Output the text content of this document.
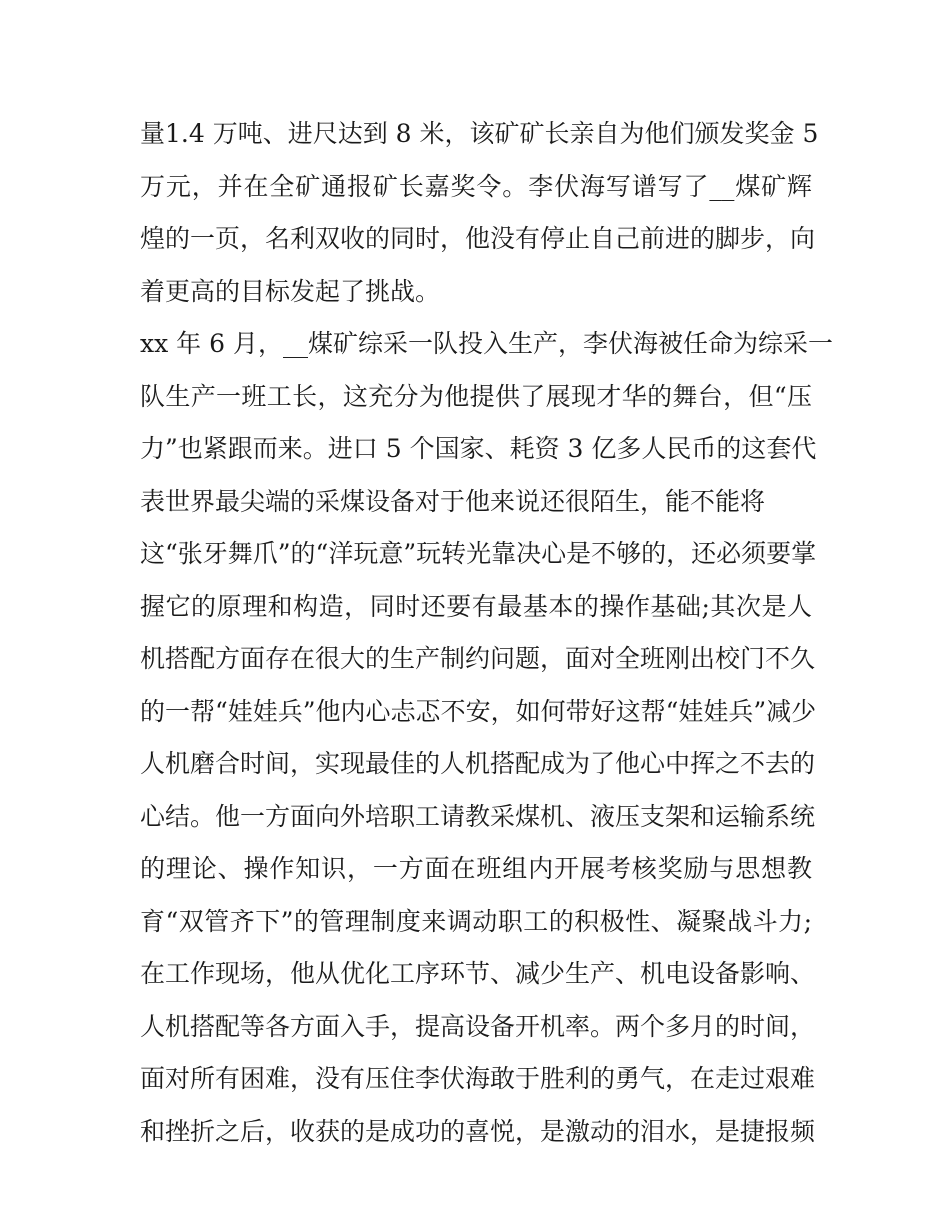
量1.4 万吨、进尺达到 8 米，该矿矿长亲自为他们颁发奖金 5
万元，并在全矿通报矿长嘉奖令。李伏海写谱写了__煤矿辉
煌的一页，名利双收的同时，他没有停止自己前进的脚步，向
着更高的目标发起了挑战。
xx 年 6 月，__煤矿综采一队投入生产，李伏海被任命为综采一
队生产一班工长，这充分为他提供了展现才华的舞台，但“压
力”也紧跟而来。进口 5 个国家、耗资 3 亿多人民币的这套代
表世界最尖端的采煤设备对于他来说还很陌生，能不能将
这“张牙舞爪”的“洋玩意”玩转光靠决心是不够的，还必须要掌
握它的原理和构造，同时还要有最基本的操作基础;其次是人
机搭配方面存在很大的生产制约问题，面对全班刚出校门不久
的一帮“娃娃兵”他内心忐忑不安，如何带好这帮“娃娃兵”减少
人机磨合时间，实现最佳的人机搭配成为了他心中挥之不去的
心结。他一方面向外培职工请教采煤机、液压支架和运输系统
的理论、操作知识，一方面在班组内开展考核奖励与思想教
育“双管齐下”的管理制度来调动职工的积极性、凝聚战斗力;
在工作现场，他从优化工序环节、减少生产、机电设备影响、
人机搭配等各方面入手，提高设备开机率。两个多月的时间，
面对所有困难，没有压住李伏海敢于胜利的勇气，在走过艰难
和挫折之后，收获的是成功的喜悦，是激动的泪水，是捷报频
